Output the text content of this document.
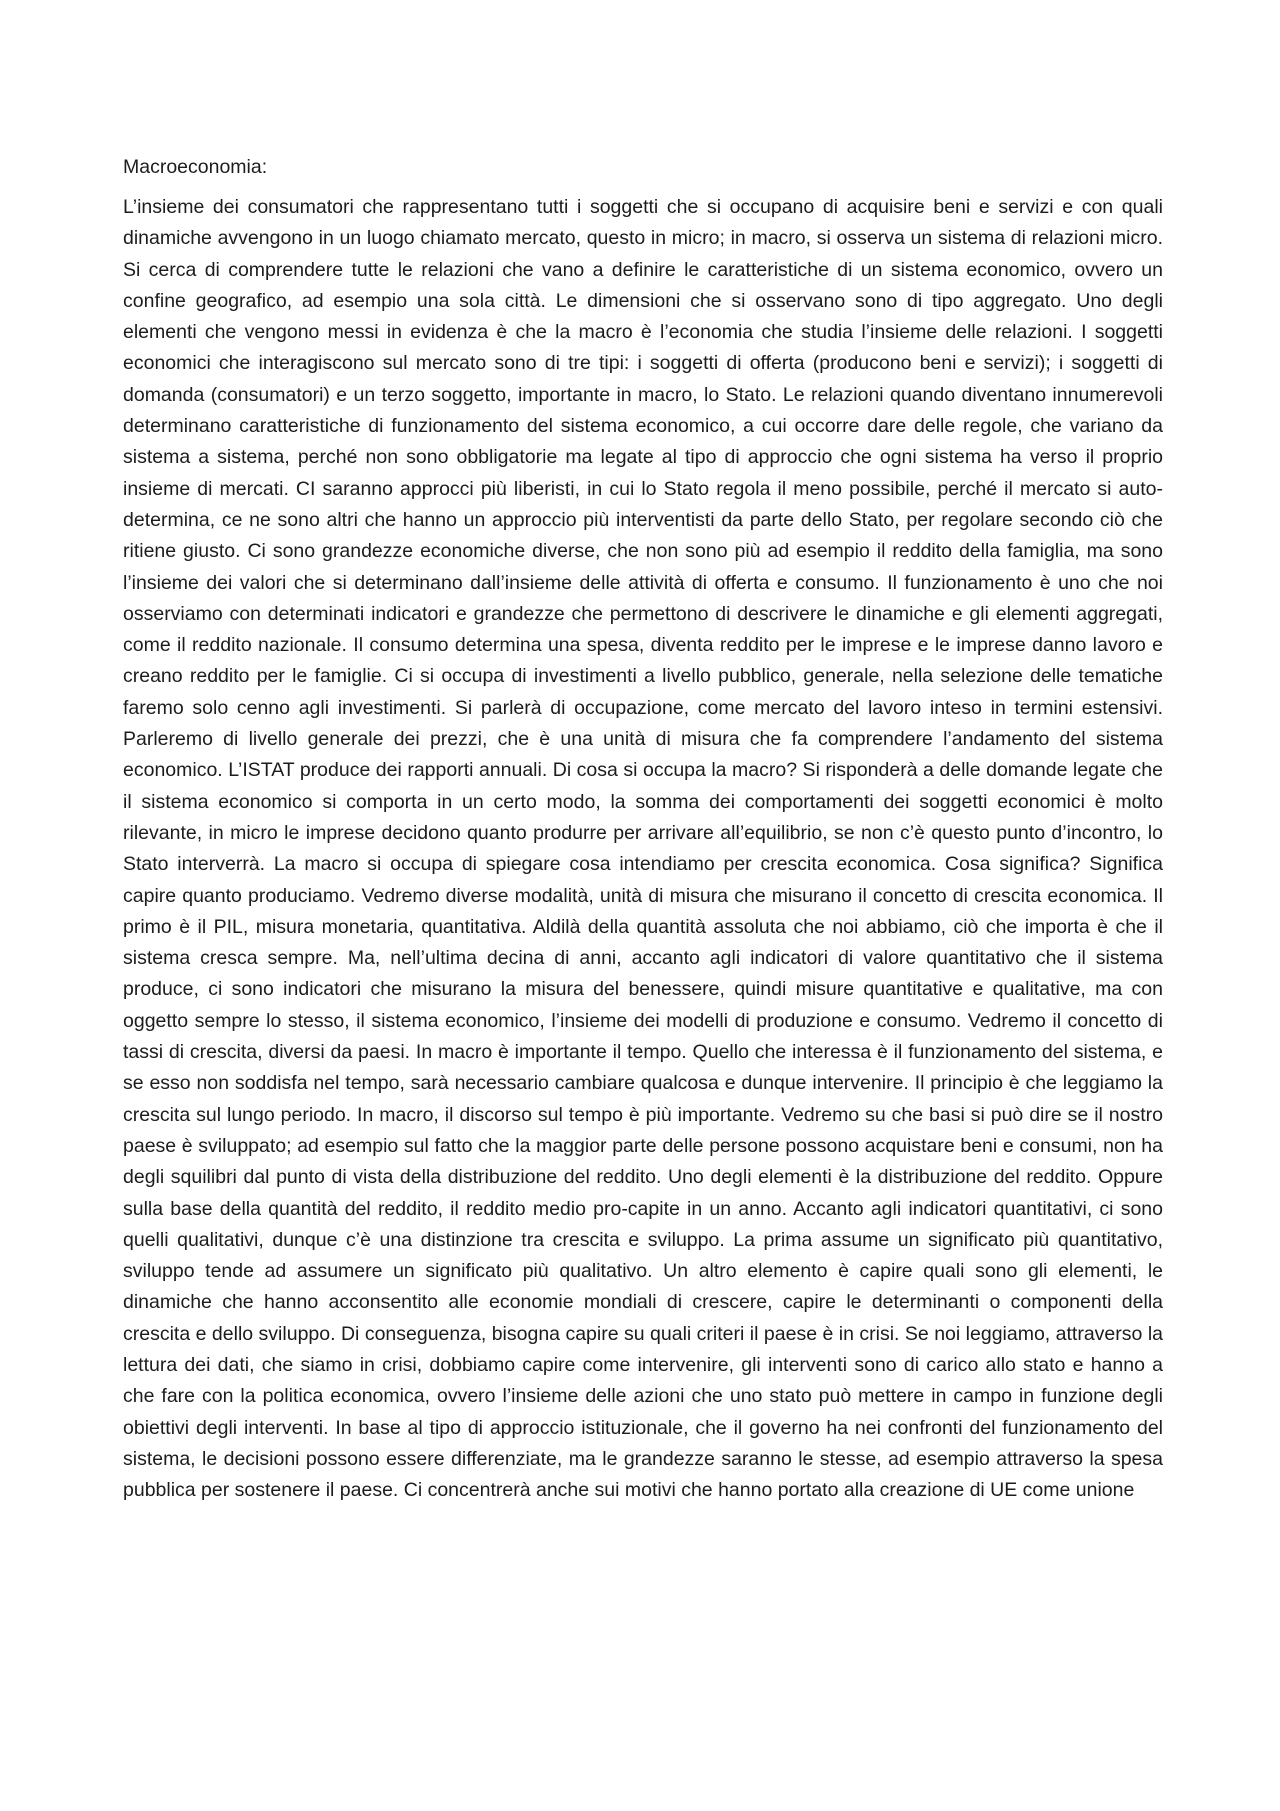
Macroeconomia:

L’insieme dei consumatori che rappresentano tutti i soggetti che si occupano di acquisire beni e servizi e con quali dinamiche avvengono in un luogo chiamato mercato, questo in micro; in macro, si osserva un sistema di relazioni micro. Si cerca di comprendere tutte le relazioni che vano a definire le caratteristiche di un sistema economico, ovvero un confine geografico, ad esempio una sola città. Le dimensioni che si osservano sono di tipo aggregato. Uno degli elementi che vengono messi in evidenza è che la macro è l’economia che studia l’insieme delle relazioni. I soggetti economici che interagiscono sul mercato sono di tre tipi: i soggetti di offerta (producono beni e servizi); i soggetti di domanda (consumatori) e un terzo soggetto, importante in macro, lo Stato. Le relazioni quando diventano innumerevoli determinano caratteristiche di funzionamento del sistema economico, a cui occorre dare delle regole, che variano da sistema a sistema, perché non sono obbligatorie ma legate al tipo di approccio che ogni sistema ha verso il proprio insieme di mercati. CI saranno approcci più liberisti, in cui lo Stato regola il meno possibile, perché il mercato si auto-determina, ce ne sono altri che hanno un approccio più interventisti da parte dello Stato, per regolare secondo ciò che ritiene giusto. Ci sono grandezze economiche diverse, che non sono più ad esempio il reddito della famiglia, ma sono l’insieme dei valori che si determinano dall’insieme delle attività di offerta e consumo. Il funzionamento è uno che noi osserviamo con determinati indicatori e grandezze che permettono di descrivere le dinamiche e gli elementi aggregati, come il reddito nazionale. Il consumo determina una spesa, diventa reddito per le imprese e le imprese danno lavoro e creano reddito per le famiglie. Ci si occupa di investimenti a livello pubblico, generale, nella selezione delle tematiche faremo solo cenno agli investimenti. Si parlerà di occupazione, come mercato del lavoro inteso in termini estensivi. Parleremo di livello generale dei prezzi, che è una unità di misura che fa comprendere l’andamento del sistema economico. L’ISTAT produce dei rapporti annuali. Di cosa si occupa la macro? Si risponderà a delle domande legate che il sistema economico si comporta in un certo modo, la somma dei comportamenti dei soggetti economici è molto rilevante, in micro le imprese decidono quanto produrre per arrivare all’equilibrio, se non c’è questo punto d’incontro, lo Stato interverrà. La macro si occupa di spiegare cosa intendiamo per crescita economica. Cosa significa? Significa capire quanto produciamo. Vedremo diverse modalità, unità di misura che misurano il concetto di crescita economica. Il primo è il PIL, misura monetaria, quantitativa. Aldilà della quantità assoluta che noi abbiamo, ciò che importa è che il sistema cresca sempre. Ma, nell’ultima decina di anni, accanto agli indicatori di valore quantitativo che il sistema produce, ci sono indicatori che misurano la misura del benessere, quindi misure quantitative e qualitative, ma con oggetto sempre lo stesso, il sistema economico, l’insieme dei modelli di produzione e consumo. Vedremo il concetto di tassi di crescita, diversi da paesi. In macro è importante il tempo. Quello che interessa è il funzionamento del sistema, e se esso non soddisfa nel tempo, sarà necessario cambiare qualcosa e dunque intervenire. Il principio è che leggiamo la crescita sul lungo periodo. In macro, il discorso sul tempo è più importante. Vedremo su che basi si può dire se il nostro paese è sviluppato; ad esempio sul fatto che la maggior parte delle persone possono acquistare beni e consumi, non ha degli squilibri dal punto di vista della distribuzione del reddito. Uno degli elementi è la distribuzione del reddito. Oppure sulla base della quantità del reddito, il reddito medio pro-capite in un anno. Accanto agli indicatori quantitativi, ci sono quelli qualitativi, dunque c’è una distinzione tra crescita e sviluppo. La prima assume un significato più quantitativo, sviluppo tende ad assumere un significato più qualitativo. Un altro elemento è capire quali sono gli elementi, le dinamiche che hanno acconsentito alle economie mondiali di crescere, capire le determinanti o componenti della crescita e dello sviluppo. Di conseguenza, bisogna capire su quali criteri il paese è in crisi. Se noi leggiamo, attraverso la lettura dei dati, che siamo in crisi, dobbiamo capire come intervenire, gli interventi sono di carico allo stato e hanno a che fare con la politica economica, ovvero l’insieme delle azioni che uno stato può mettere in campo in funzione degli obiettivi degli interventi. In base al tipo di approccio istituzionale, che il governo ha nei confronti del funzionamento del sistema, le decisioni possono essere differenziate, ma le grandezze saranno le stesse, ad esempio attraverso la spesa pubblica per sostenere il paese. Ci concentrerà anche sui motivi che hanno portato alla creazione di UE come unione
